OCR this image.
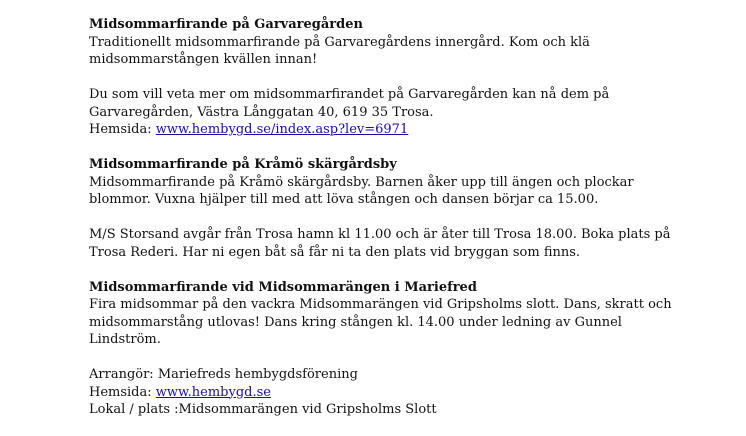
Midsommarfirande på Garvaregården
Traditionellt midsommarfirande på Garvaregårdens innergård. Kom och klä
midsommarstången kvällen innan!
Du som vill veta mer om midsommarfirandet på Garvaregården kan nå dem på
Garvaregården, Västra Långgatan 40, 619 35 Trosa.
Hemsida: www.hembygd.se/index.asp?lev=6971
Midsommarfirande på Kråmö skärgårdsby
Midsommarfirande på Kråmö skärgårdsby. Barnen åker upp till ängen och plockar
blommor. Vuxna hjälper till med att löva stången och dansen börjar ca 15.00.
M/S Storsand avgår från Trosa hamn kl 11.00 och är åter till Trosa 18.00. Boka plats på
Trosa Rederi. Har ni egen båt så får ni ta den plats vid bryggan som finns.
Midsommarfirande vid Midsommarängen i Mariefred
Fira midsommar på den vackra Midsommarängen vid Gripsholms slott. Dans, skratt och
midsommarstång utlovas! Dans kring stången kl. 14.00 under ledning av Gunnel
Lindström.
Arrangör: Mariefreds hembygdsförening
Hemsida: www.hembygd.se
Lokal / plats :Midsommarängen vid Gripsholms Slott
